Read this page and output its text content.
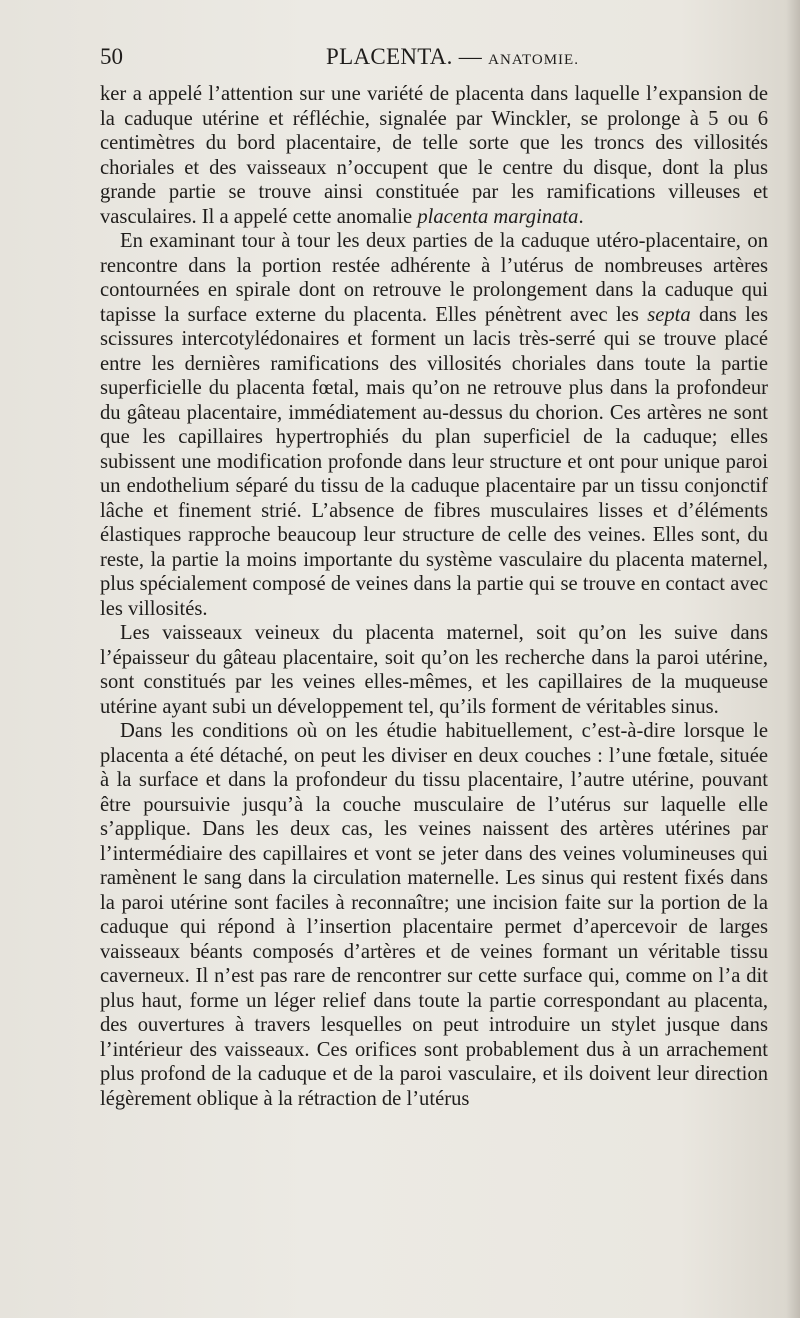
50	PLACENTA. — ANATOMIE.

ker a appelé l’attention sur une variété de placenta dans laquelle l’expansion de la caduque utérine et réfléchie, signalée par Winckler, se prolonge à 5 ou 6 centimètres du bord placentaire, de telle sorte que les troncs des villosités choriales et des vaisseaux n’occupent que le centre du disque, dont la plus grande partie se trouve ainsi constituée par les ramifications villeuses et vasculaires. Il a appelé cette anomalie placenta marginata.

En examinant tour à tour les deux parties de la caduque utéro-placentaire, on rencontre dans la portion restée adhérente à l’utérus de nombreuses artères contournées en spirale dont on retrouve le prolongement dans la caduque qui tapisse la surface externe du placenta. Elles pénètrent avec les septa dans les scissures intercotylédonaires et forment un lacis très-serré qui se trouve placé entre les dernières ramifications des villosités choriales dans toute la partie superficielle du placenta fœtal, mais qu’on ne retrouve plus dans la profondeur du gâteau placentaire, immédiatement au-dessus du chorion. Ces artères ne sont que les capillaires hypertrophiés du plan superficiel de la caduque; elles subissent une modification profonde dans leur structure et ont pour unique paroi un endothelium séparé du tissu de la caduque placentaire par un tissu conjonctif lâche et finement strié. L’absence de fibres musculaires lisses et d’éléments élastiques rapproche beaucoup leur structure de celle des veines. Elles sont, du reste, la partie la moins importante du système vasculaire du placenta maternel, plus spécialement composé de veines dans la partie qui se trouve en contact avec les villosités.

Les vaisseaux veineux du placenta maternel, soit qu’on les suive dans l’épaisseur du gâteau placentaire, soit qu’on les recherche dans la paroi utérine, sont constitués par les veines elles-mêmes, et les capillaires de la muqueuse utérine ayant subi un développement tel, qu’ils forment de véritables sinus.

Dans les conditions où on les étudie habituellement, c’est-à-dire lorsque le placenta a été détaché, on peut les diviser en deux couches : l’une fœtale, située à la surface et dans la profondeur du tissu placentaire, l’autre utérine, pouvant être poursuivie jusqu’à la couche musculaire de l’utérus sur laquelle elle s’applique. Dans les deux cas, les veines naissent des artères utérines par l’intermédiaire des capillaires et vont se jeter dans des veines volumineuses qui ramènent le sang dans la circulation maternelle. Les sinus qui restent fixés dans la paroi utérine sont faciles à reconnaître; une incision faite sur la portion de la caduque qui répond à l’insertion placentaire permet d’apercevoir de larges vaisseaux béants composés d’artères et de veines formant un véritable tissu caverneux. Il n’est pas rare de rencontrer sur cette surface qui, comme on l’a dit plus haut, forme un léger relief dans toute la partie correspondant au placenta, des ouvertures à travers lesquelles on peut introduire un stylet jusque dans l’intérieur des vaisseaux. Ces orifices sont probablement dus à un arrachement plus profond de la caduque et de la paroi vasculaire, et ils doivent leur direction légèrement oblique à la rétraction de l’utérus
